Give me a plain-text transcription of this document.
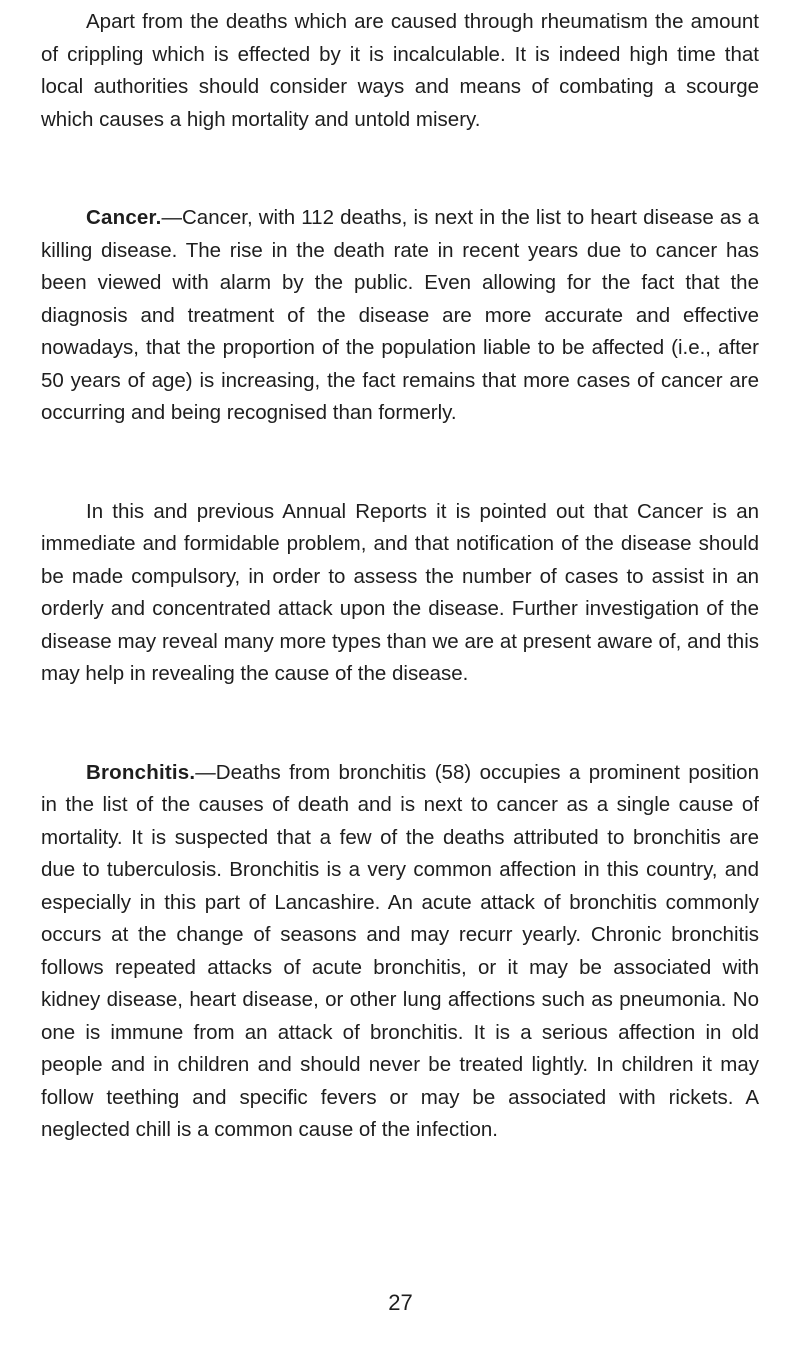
Apart from the deaths which are caused through rheumatism the amount of crippling which is effected by it is incalculable. It is indeed high time that local authorities should consider ways and means of combating a scourge which causes a high mortality and untold misery.

Cancer.—Cancer, with 112 deaths, is next in the list to heart disease as a killing disease. The rise in the death rate in recent years due to cancer has been viewed with alarm by the public. Even allowing for the fact that the diagnosis and treatment of the disease are more accurate and effective nowadays, that the proportion of the population liable to be affected (i.e., after 50 years of age) is increasing, the fact remains that more cases of cancer are occurring and being recognised than formerly.

In this and previous Annual Reports it is pointed out that Cancer is an immediate and formidable problem, and that notification of the disease should be made compulsory, in order to assess the number of cases to assist in an orderly and concentrated attack upon the disease. Further investigation of the disease may reveal many more types than we are at present aware of, and this may help in revealing the cause of the disease.

Bronchitis.—Deaths from bronchitis (58) occupies a prominent position in the list of the causes of death and is next to cancer as a single cause of mortality. It is suspected that a few of the deaths attributed to bronchitis are due to tuberculosis. Bronchitis is a very common affection in this country, and especially in this part of Lancashire. An acute attack of bronchitis commonly occurs at the change of seasons and may recurr yearly. Chronic bronchitis follows repeated attacks of acute bronchitis, or it may be associated with kidney disease, heart disease, or other lung affections such as pneumonia. No one is immune from an attack of bronchitis. It is a serious affection in old people and in children and should never be treated lightly. In children it may follow teething and specific fevers or may be associated with rickets. A neglected chill is a common cause of the infection.

27
